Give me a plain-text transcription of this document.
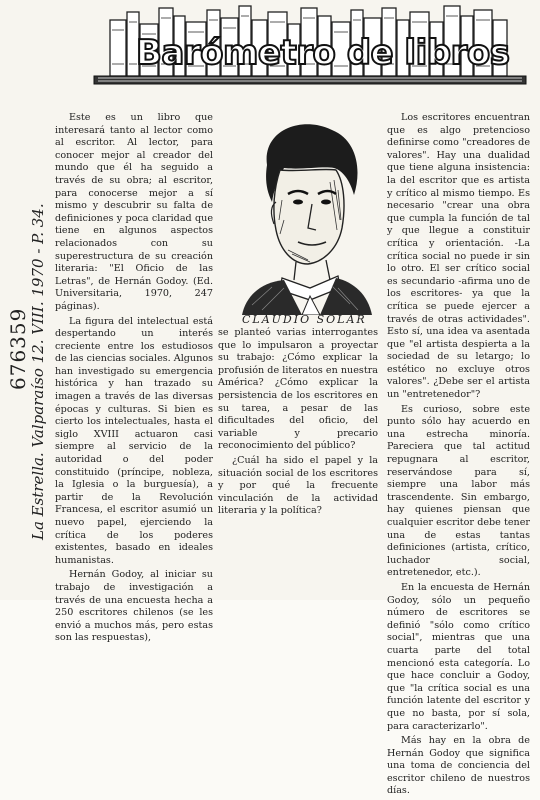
Barómetro de libros
676359 La Estrella. Valparaíso 12. VIII. 1970 - P. 34.

Este es un libro que interesará tanto al lector como al escritor. Al lector, para conocer mejor al creador del mundo que él ha seguido a través de su obra; al escritor, para conocerse mejor a sí mismo y descubrir su falta de definiciones y poca claridad que tiene en algunos aspectos relacionados con su superestructura de su creación literaria: "El Oficio de las Letras", de Hernán Godoy. (Ed. Universitaria, 1970, 247 páginas).

La figura del intelectual está despertando un interés creciente entre los estudiosos de las ciencias sociales. Algunos han investigado su emergencia histórica y han trazado su imagen a través de las diversas épocas y culturas. Si bien es cierto los intelectuales, hasta el siglo XVIII actuaron casi siempre al servicio de la autoridad o del poder constituido (príncipe, nobleza, la Iglesia o la burguesía), a partir de la Revolución Francesa, el escritor asumió un nuevo papel, ejerciendo la crítica de los poderes existentes, basado en ideales humanistas.

Hernán Godoy, al iniciar su trabajo de investigación a través de una encuesta hecha a 250 escritores chilenos (se les envió a muchos más, pero estas son las respuestas),

CLAUDIO SOLAR

se planteó varias interrogantes que lo impulsaron a proyectar su trabajo: ¿Cómo explicar la profusión de literatos en nuestra América? ¿Cómo explicar la persistencia de los escritores en su tarea, a pesar de las dificultades del oficio, del variable y precario reconocimiento del público?

¿Cuál ha sido el papel y la situación social de los escritores y por qué la frecuente vinculación de la actividad literaria y la política?

Los escritores encuentran que es algo pretencioso definirse como "creadores de valores". Hay una dualidad que tiene alguna insistencia: la del escritor que es artista y crítico al mismo tiempo. Es necesario "crear una obra que cumpla la función de tal y que llegue a constituir crítica y orientación. -La crítica social no puede ir sin lo otro. El ser crítico social es secundario -afirma uno de los escritores- ya que la crítica se puede ejercer a través de otras actividades". Esto sí, una idea va asentada que "el artista despierta a la sociedad de su letargo; lo estético no excluye otros valores". ¿Debe ser el artista un "entretenedor"?

Es curioso, sobre este punto sólo hay acuerdo en una estrecha minoría. Pareciera que tal actitud repugnara al escritor, reservándose para sí, siempre una labor más trascendente. Sin embargo, hay quienes piensan que cualquier escritor debe tener una de estas tantas definiciones (artista, crítico, luchador social, entretenedor, etc.).

En la encuesta de Hernán Godoy, sólo un pequeño número de escritores se definió "sólo como crítico social", mientras que una cuarta parte del total mencionó esta categoría. Lo que hace concluir a Godoy, que "la crítica social es una función latente del escritor y que no basta, por sí sola, para caracterizarlo".

Más hay en la obra de Hernán Godoy que significa una toma de conciencia del escritor chileno de nuestros días.
